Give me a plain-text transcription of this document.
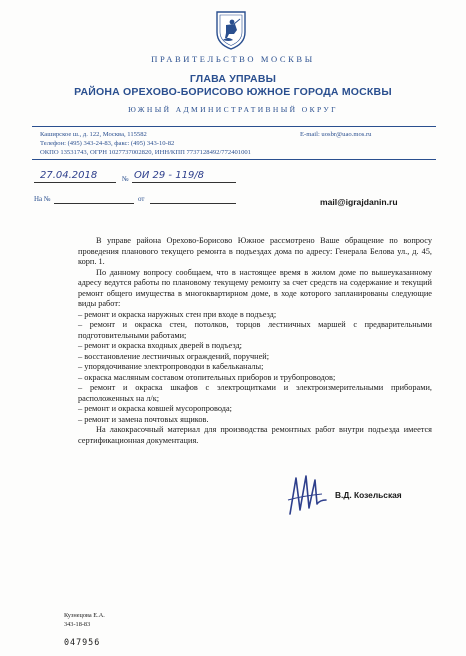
ПРАВИТЕЛЬСТВО МОСКВЫ
ГЛАВА УПРАВЫ
РАЙОНА ОРЕХОВО-БОРИСОВО ЮЖНОЕ ГОРОДА МОСКВЫ
ЮЖНЫЙ АДМИНИСТРАТИВНЫЙ ОКРУГ
Каширское ш., д. 122, Москва, 115582
Телефон: (495) 343-24-83, факс: (495) 343-10-82
ОКПО 13531743, ОГРН 1027737002820, ИНН/КПП 7737128492/772401001
E-mail: uosbr@uao.mos.ru
27.04.2018	№ ОИ 29 - 119/8
На №	от	mail@igrajdanin.ru

В управе района Орехово-Борисово Южное рассмотрено Ваше обращение по вопросу проведения планового текущего ремонта в подъездах дома по адресу: Генерала Белова ул., д. 45, корп. 1.

По данному вопросу сообщаем, что в настоящее время в жилом доме по вышеуказанному адресу ведутся работы по плановому текущему ремонту за счет средств на содержание и текущий ремонт общего имущества в многоквартирном доме, в ходе которого запланированы следующие виды работ:

– ремонт и окраска наружных стен при входе в подъезд;

– ремонт и окраска стен, потолков, торцов лестничных маршей с предварительными подготовительными работами;

– ремонт и окраска входных дверей в подъезд;

– восстановление лестничных ограждений, поручней;

– упорядочивание электропроводки в кабельканалы;

– окраска масляным составом отопительных приборов и трубопроводов;

– ремонт и окраска шкафов с электрощитками и электроизмерительными приборами, расположенных на л/к;

– ремонт и окраска ковшей мусоропровода;

– ремонт и замена почтовых ящиков.

На лакокрасочный материал для производства ремонтных работ внутри подъезда имеется сертификационная документация.

В.Д. Козельская
Кузнецова Е.А.
343-18-83
047956
